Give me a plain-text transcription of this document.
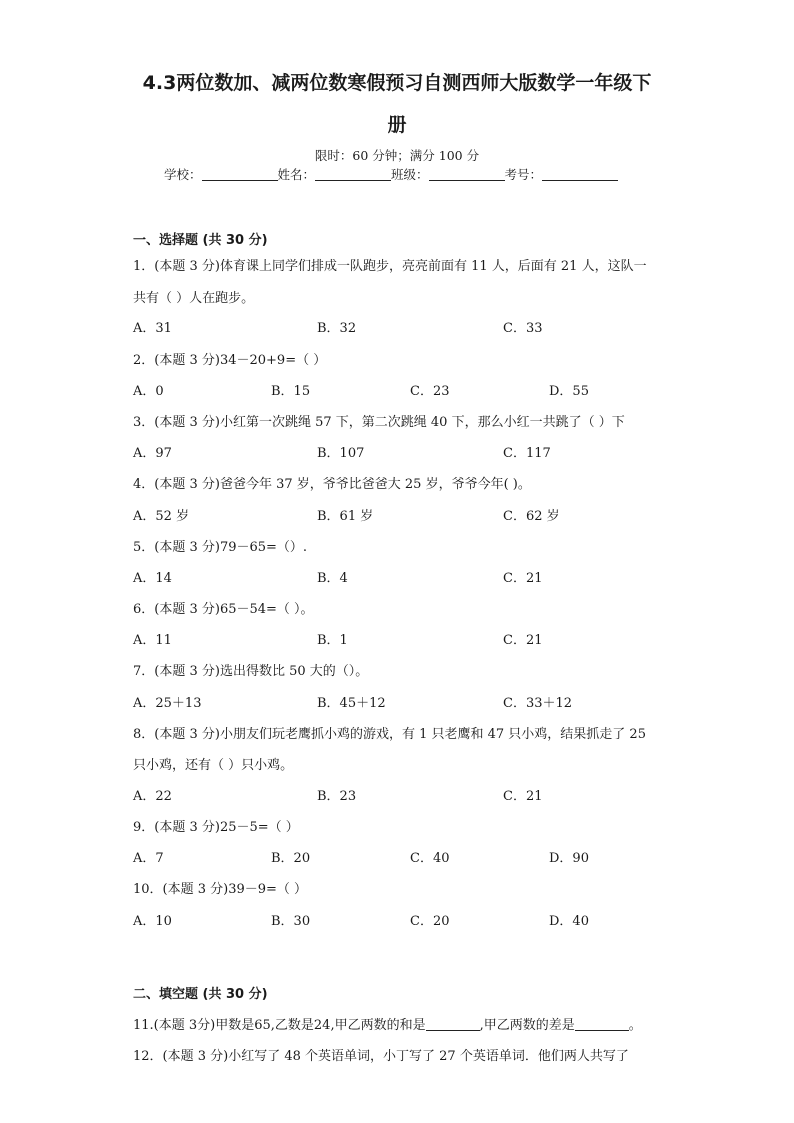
4.3两位数加、减两位数寒假预习自测西师大版数学一年级下
册
限时：60 分钟；满分 100 分
学校：	姓名：	班级：	考号：
一、选择题 (共 30 分)
1．(本题 3 分)体育课上同学们排成一队跑步，亮亮前面有 11 人，后面有 21 人，这队一
共有（ ）人在跑步。
A．31	B．32	C．33
2．(本题 3 分)34－20+9=（ ）
A．0	B．15	C．23	D．55
3．(本题 3 分)小红第一次跳绳 57 下，第二次跳绳 40 下，那么小红一共跳了（ ）下
A．97	B．107	C．117
4．(本题 3 分)爸爸今年 37 岁，爷爷比爸爸大 25 岁，爷爷今年( )。
A．52 岁	B．61 岁	C．62 岁
5．(本题 3 分)79－65=（）.
A．14	B．4	C．21
6．(本题 3 分)65－54=（ ）。
A．11	B．1	C．21
7．(本题 3 分)选出得数比 50 大的（）。
A．25＋13	B．45＋12	C．33＋12
8．(本题 3 分)小朋友们玩老鹰抓小鸡的游戏，有 1 只老鹰和 47 只小鸡，结果抓走了 25
只小鸡，还有（ ）只小鸡。
A．22	B．23	C．21
9．(本题 3 分)25－5=（ ）
A．7	B．20	C．40	D．90
10．(本题 3 分)39－9=（ ）
A．10	B．30	C．20	D．40
二、填空题 (共 30 分)
11.(本题 3分)甲数是65,乙数是24,甲乙两数的和是	,甲乙两数的差是	。
12．(本题 3 分)小红写了 48 个英语单词，小丁写了 27 个英语单词．他们两人共写了
